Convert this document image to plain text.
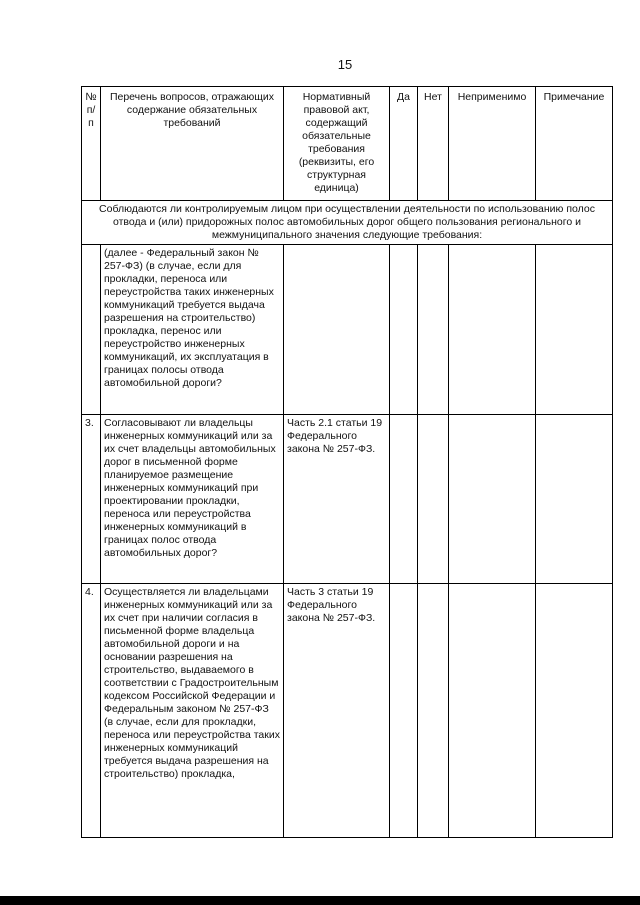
15
№ п/п	Перечень вопросов, отражающих содержание обязательных требований	Нормативный правовой акт, содержащий обязательные требования (реквизиты, его структурная единица)	Да	Нет	Неприменимо	Примечание
Соблюдаются ли контролируемым лицом при осуществлении деятельности по использованию полос отвода и (или) придорожных полос автомобильных дорог общего пользования регионального и межмуниципального значения следующие требования:						
	(далее - Федеральный закон № 257-ФЗ) (в случае, если для прокладки, переноса или переустройства таких инженерных коммуникаций требуется выдача разрешения на строительство) прокладка, перенос или переустройство инженерных коммуникаций, их эксплуатация в границах полосы отвода автомобильной дороги?					
3.	Согласовывают ли владельцы инженерных коммуникаций или за их счет владельцы автомобильных дорог в письменной форме планируемое размещение инженерных коммуникаций при проектировании прокладки, переноса или переустройства инженерных коммуникаций в границах полос отвода автомобильных дорог?	Часть 2.1 статьи 19 Федерального закона № 257-ФЗ.				
4.	Осуществляется ли владельцами инженерных коммуникаций или за их счет при наличии согласия в письменной форме владельца автомобильной дороги и на основании разрешения на строительство, выдаваемого в соответствии с Градостроительным кодексом Российской Федерации и Федеральным законом № 257-ФЗ (в случае, если для прокладки, переноса или переустройства таких инженерных коммуникаций требуется выдача разрешения на строительство) прокладка,	Часть 3 статьи 19 Федерального закона № 257-ФЗ.				
